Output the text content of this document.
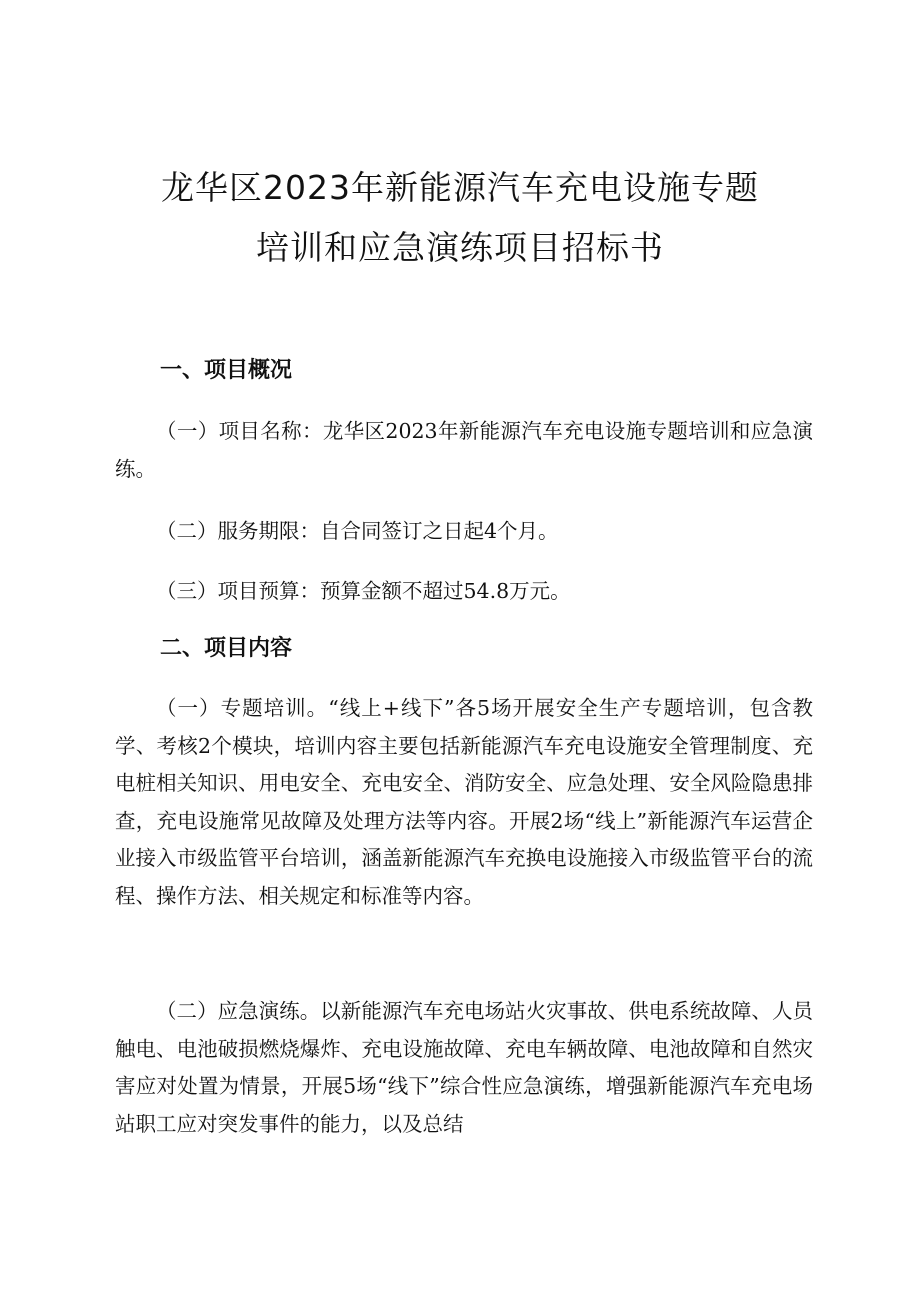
龙华区2023年新能源汽车充电设施专题
培训和应急演练项目招标书
一、项目概况
（一）项目名称：龙华区2023年新能源汽车充电设施专题培训和应急演练。
（二）服务期限：自合同签订之日起4个月。
（三）项目预算：预算金额不超过54.8万元。
二、项目内容
（一）专题培训。“线上+线下”各5场开展安全生产专题培训，包含教学、考核2个模块，培训内容主要包括新能源汽车充电设施安全管理制度、充电桩相关知识、用电安全、充电安全、消防安全、应急处理、安全风险隐患排查，充电设施常见故障及处理方法等内容。开展2场“线上”新能源汽车运营企业接入市级监管平台培训，涵盖新能源汽车充换电设施接入市级监管平台的流程、操作方法、相关规定和标准等内容。
（二）应急演练。以新能源汽车充电场站火灾事故、供电系统故障、人员触电、电池破损燃烧爆炸、充电设施故障、充电车辆故障、电池故障和自然灾害应对处置为情景，开展5场“线下”综合性应急演练，增强新能源汽车充电场站职工应对突发事件的能力，以及总结
